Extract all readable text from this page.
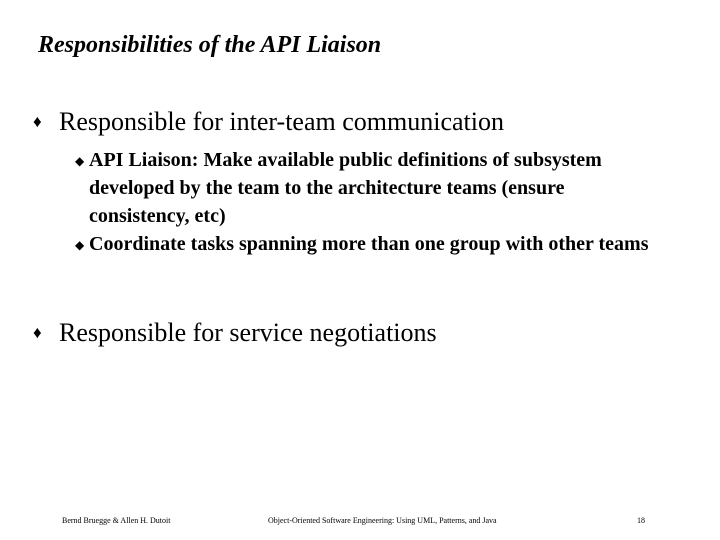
Responsibilities of the API Liaison
♦ Responsible for inter-team communication
◆ API Liaison: Make available public definitions of subsystem developed by the team to the architecture teams (ensure consistency, etc)
◆ Coordinate tasks spanning more than one group with other teams
♦ Responsible for service negotiations
Bernd Bruegge & Allen H. Dutoit	Object-Oriented Software Engineering: Using UML, Patterns, and Java	18
